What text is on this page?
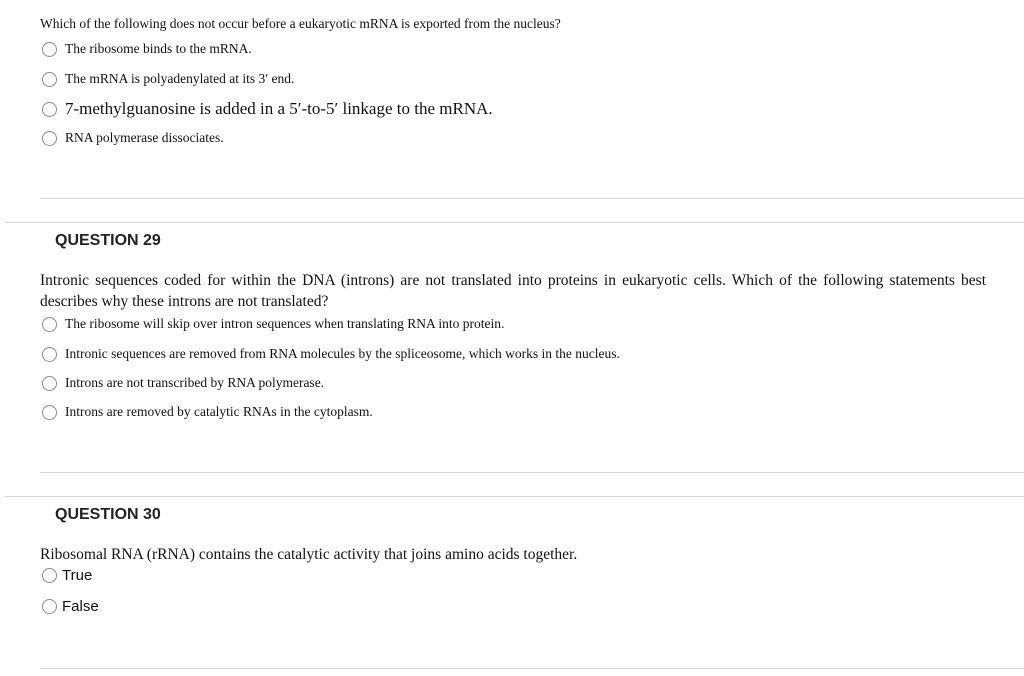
Which of the following does not occur before a eukaryotic mRNA is exported from the nucleus?
The ribosome binds to the mRNA.
The mRNA is polyadenylated at its 3′ end.
7-methylguanosine is added in a 5′-to-5′ linkage to the mRNA.
RNA polymerase dissociates.
QUESTION 29
Intronic sequences coded for within the DNA (introns) are not translated into proteins in eukaryotic cells. Which of the following statements best describes why these introns are not translated?
The ribosome will skip over intron sequences when translating RNA into protein.
Intronic sequences are removed from RNA molecules by the spliceosome, which works in the nucleus.
Introns are not transcribed by RNA polymerase.
Introns are removed by catalytic RNAs in the cytoplasm.
QUESTION 30
Ribosomal RNA (rRNA) contains the catalytic activity that joins amino acids together.
True
False
